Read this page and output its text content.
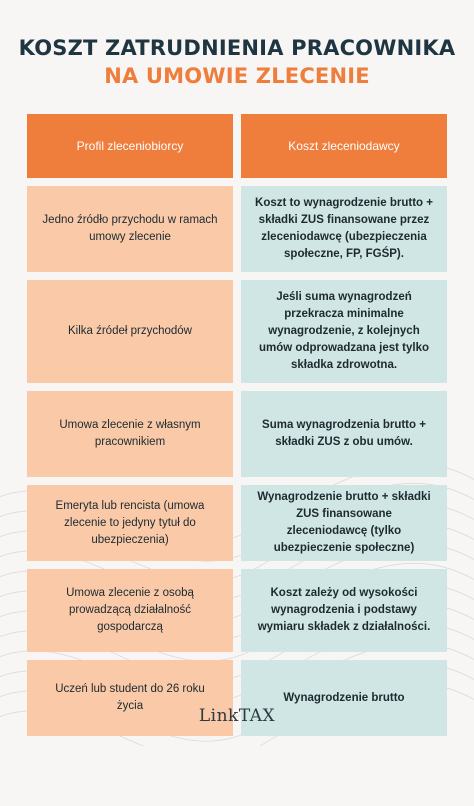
KOSZT ZATRUDNIENIA PRACOWNIKA
NA UMOWIE ZLECENIE
Profil zleceniobiorcy	Koszt zleceniodawcy
Jedno źródło przychodu w ramach umowy zlecenie
Koszt to wynagrodzenie brutto + składki ZUS finansowane przez zleceniodawcę (ubezpieczenia społeczne, FP, FGŚP).
Kilka źródeł przychodów
Jeśli suma wynagrodzeń przekracza minimalne wynagrodzenie, z kolejnych umów odprowadzana jest tylko składka zdrowotna.
Umowa zlecenie z własnym pracownikiem
Suma wynagrodzenia brutto + składki ZUS z obu umów.
Emeryta lub rencista (umowa zlecenie to jedyny tytuł do ubezpieczenia)
Wynagrodzenie brutto + składki ZUS finansowane zleceniodawcę (tylko ubezpieczenie społeczne)
Umowa zlecenie z osobą prowadzącą działalność gospodarczą
Koszt zależy od wysokości wynagrodzenia i podstawy wymiaru składek z działalności.
Uczeń lub student do 26 roku życia
Wynagrodzenie brutto
LinkTAX
